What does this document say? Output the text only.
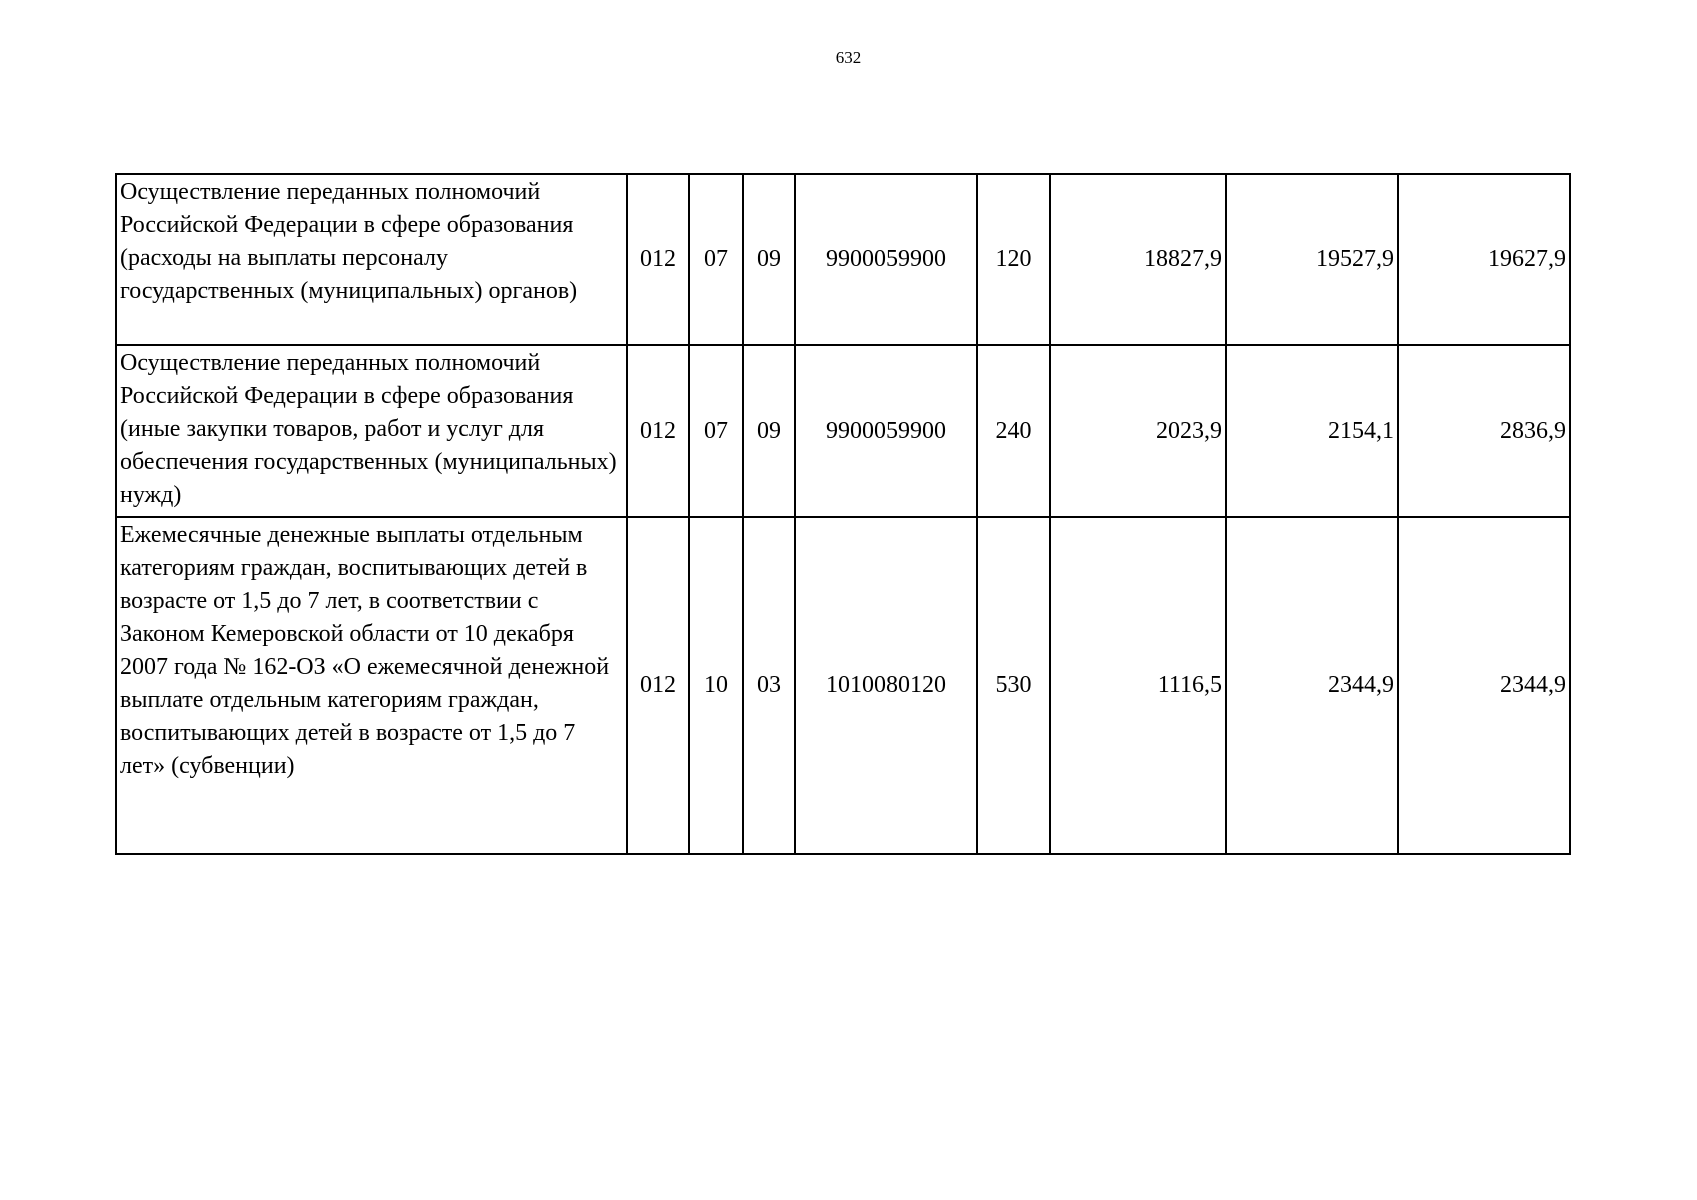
632
Осуществление переданных полномочий Российской Федерации в сфере образования (расходы на выплаты персоналу государственных (муниципальных) органов)	012	07	09	9900059900	120	18827,9	19527,9	19627,9
Осуществление переданных полномочий Российской Федерации в сфере образования (иные закупки товаров, работ и услуг для обеспечения государственных (муниципальных) нужд)	012	07	09	9900059900	240	2023,9	2154,1	2836,9
Ежемесячные денежные выплаты отдельным категориям граждан, воспитывающих детей в возрасте от 1,5 до 7 лет, в соответствии с Законом Кемеровской области от 10 декабря 2007 года № 162-ОЗ «О ежемесячной денежной выплате отдельным категориям граждан, воспитывающих детей в возрасте от 1,5 до 7 лет» (субвенции)	012	10	03	1010080120	530	1116,5	2344,9	2344,9
